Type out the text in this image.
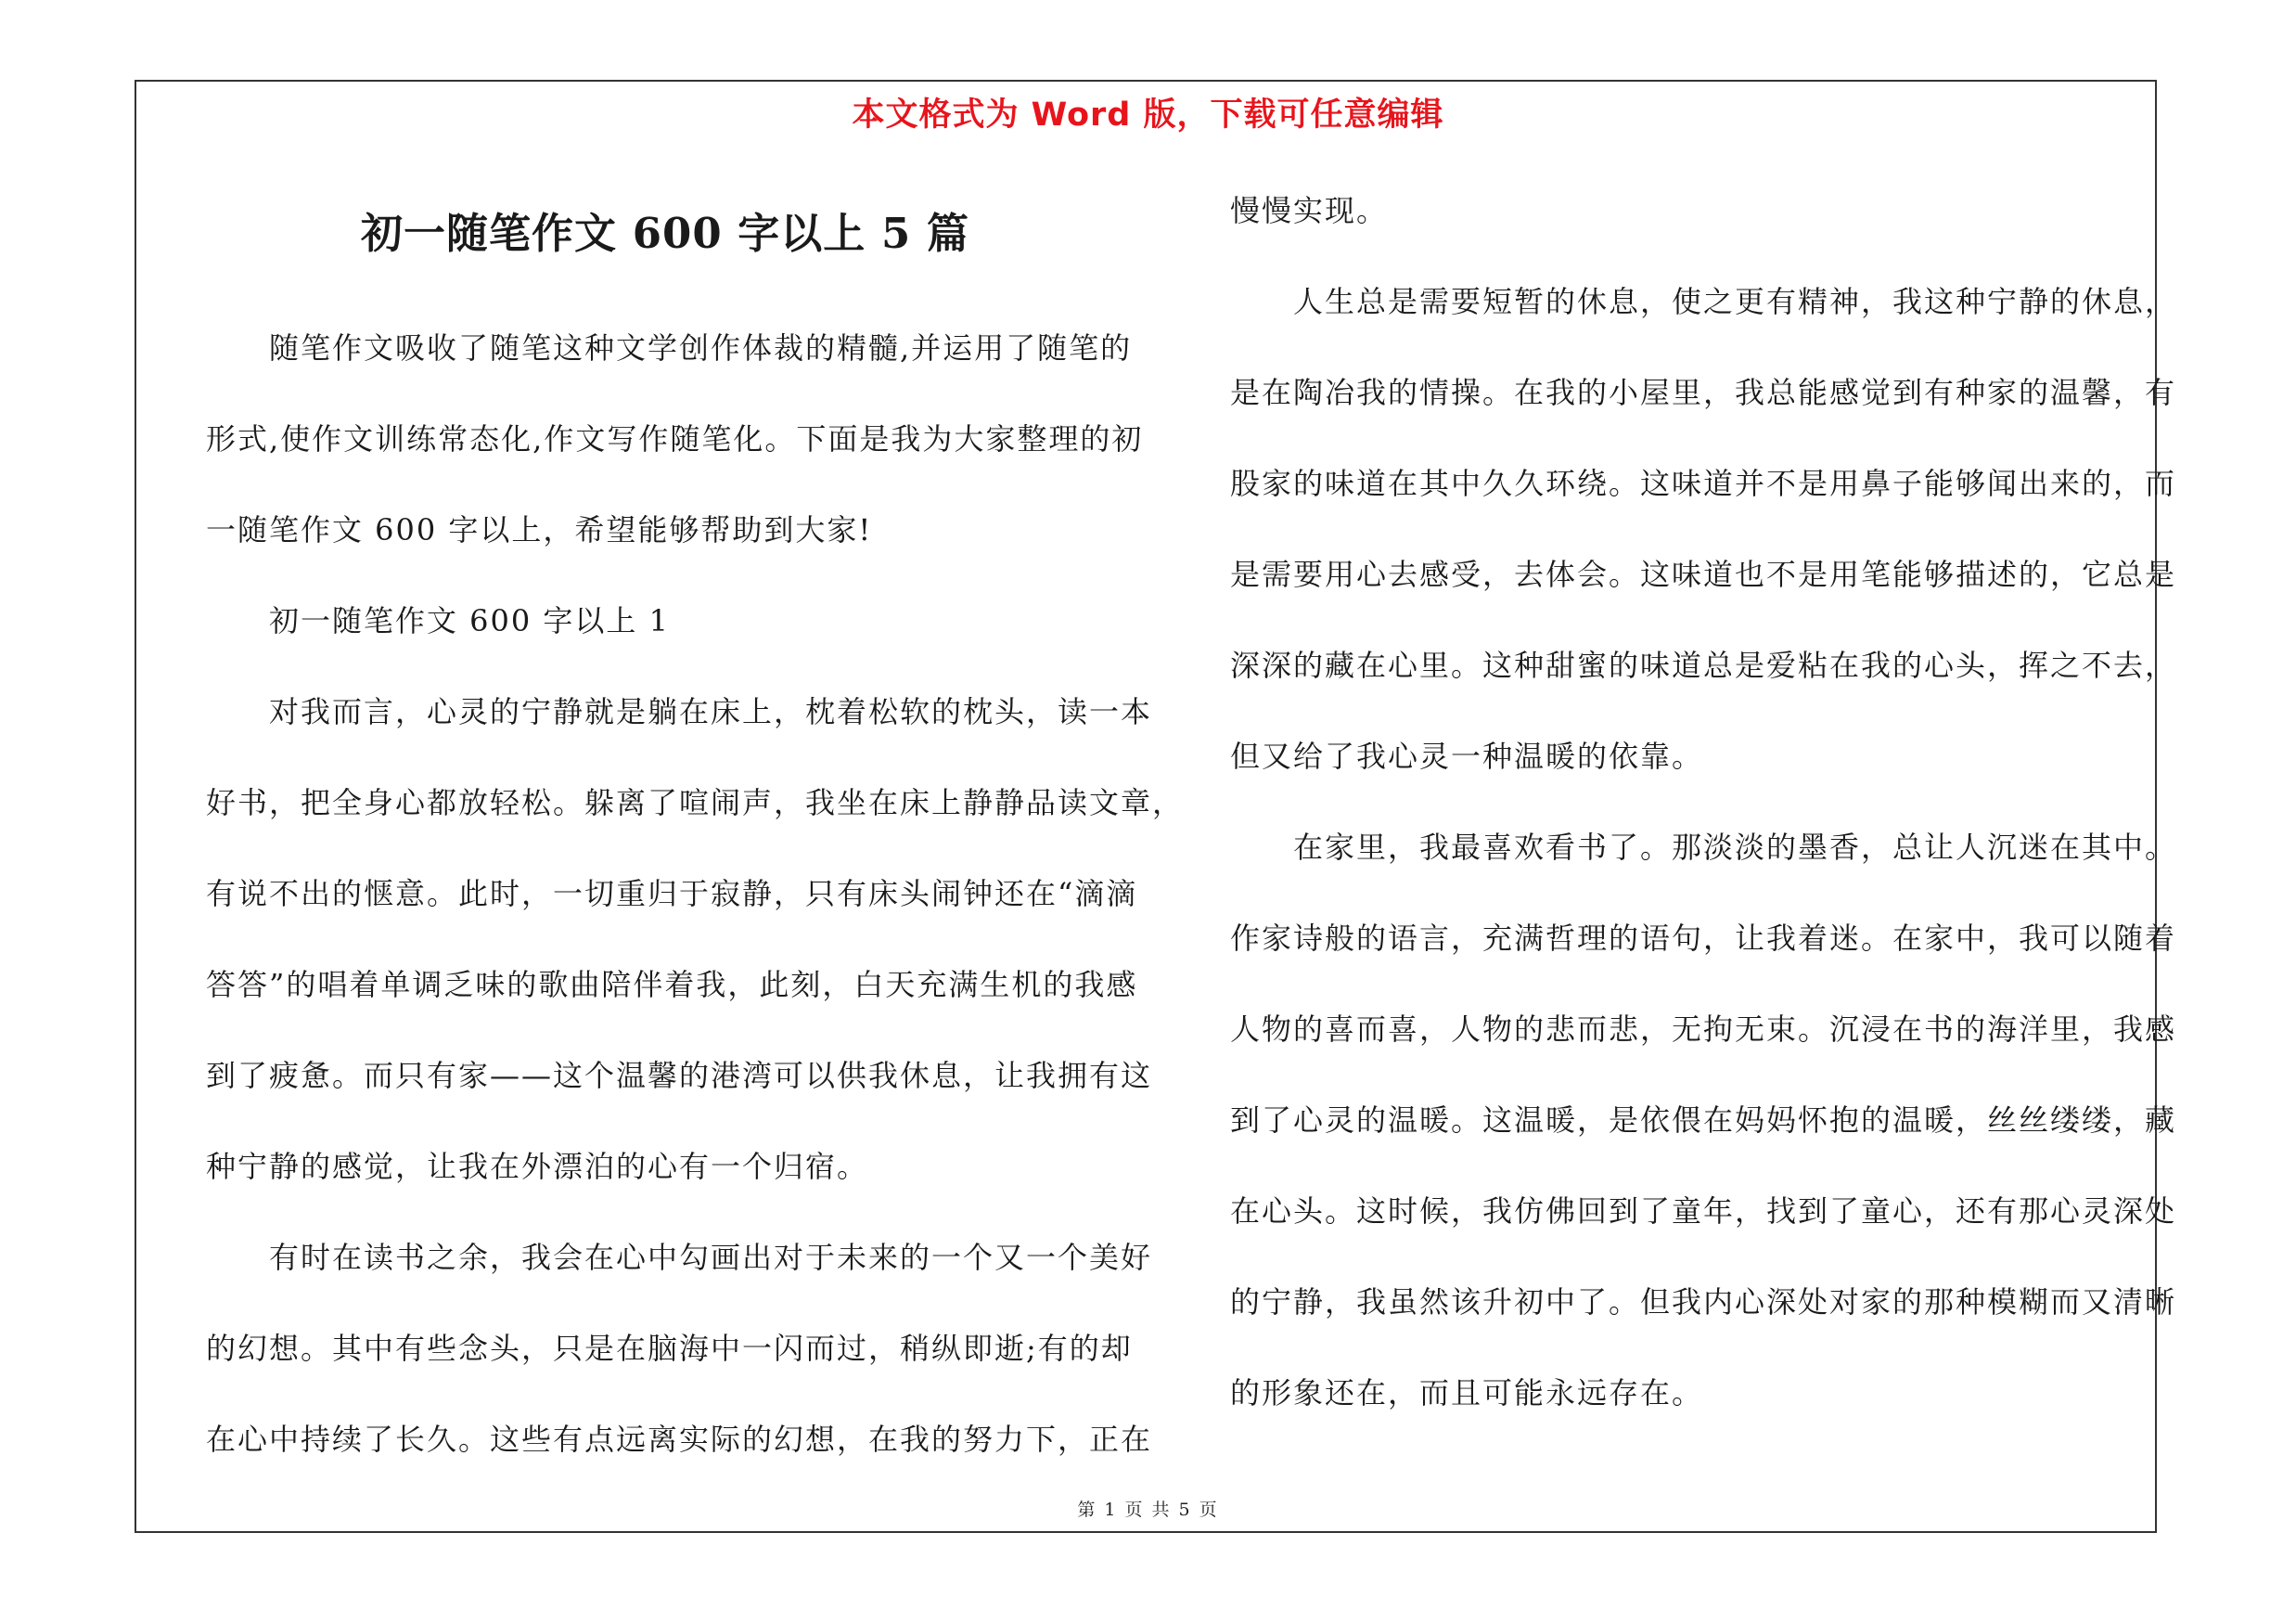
本文格式为 Word 版，下载可任意编辑
初一随笔作文 600 字以上 5 篇
　　随笔作文吸收了随笔这种文学创作体裁的精髓,并运用了随笔的
形式,使作文训练常态化,作文写作随笔化。下面是我为大家整理的初
一随笔作文 600 字以上，希望能够帮助到大家!
　　初一随笔作文 600 字以上 1
　　对我而言，心灵的宁静就是躺在床上，枕着松软的枕头，读一本
好书，把全身心都放轻松。躲离了喧闹声，我坐在床上静静品读文章，
有说不出的惬意。此时，一切重归于寂静，只有床头闹钟还在“滴滴
答答”的唱着单调乏味的歌曲陪伴着我，此刻，白天充满生机的我感
到了疲惫。而只有家——这个温馨的港湾可以供我休息，让我拥有这
种宁静的感觉，让我在外漂泊的心有一个归宿。
　　有时在读书之余，我会在心中勾画出对于未来的一个又一个美好
的幻想。其中有些念头，只是在脑海中一闪而过，稍纵即逝;有的却
在心中持续了长久。这些有点远离实际的幻想，在我的努力下，正在
慢慢实现。
　　人生总是需要短暂的休息，使之更有精神，我这种宁静的休息，
是在陶冶我的情操。在我的小屋里，我总能感觉到有种家的温馨，有
股家的味道在其中久久环绕。这味道并不是用鼻子能够闻出来的，而
是需要用心去感受，去体会。这味道也不是用笔能够描述的，它总是
深深的藏在心里。这种甜蜜的味道总是爱粘在我的心头，挥之不去，
但又给了我心灵一种温暖的依靠。
　　在家里，我最喜欢看书了。那淡淡的墨香，总让人沉迷在其中。
作家诗般的语言，充满哲理的语句，让我着迷。在家中，我可以随着
人物的喜而喜，人物的悲而悲，无拘无束。沉浸在书的海洋里，我感
到了心灵的温暖。这温暖，是依偎在妈妈怀抱的温暖，丝丝缕缕，藏
在心头。这时候，我仿佛回到了童年，找到了童心，还有那心灵深处
的宁静，我虽然该升初中了。但我内心深处对家的那种模糊而又清晰
的形象还在，而且可能永远存在。
第 1 页 共 5 页
